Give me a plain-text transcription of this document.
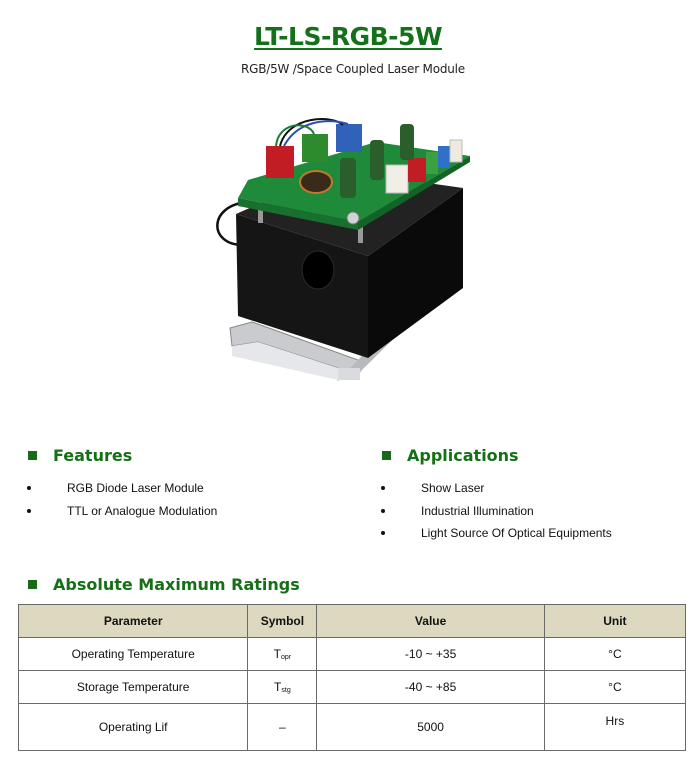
LT-LS-RGB-5W
RGB/5W /Space Coupled Laser Module
Features
RGB Diode Laser Module
TTL or Analogue Modulation
Applications
Show Laser
Industrial Illumination
Light Source Of Optical Equipments
Absolute Maximum Ratings
Parameter	Symbol	Value	Unit
Operating Temperature	Topr	-10 ~ +35	°C
Storage Temperature	Tstg	-40 ~ +85	°C
Operating Lif	–	5000	Hrs
